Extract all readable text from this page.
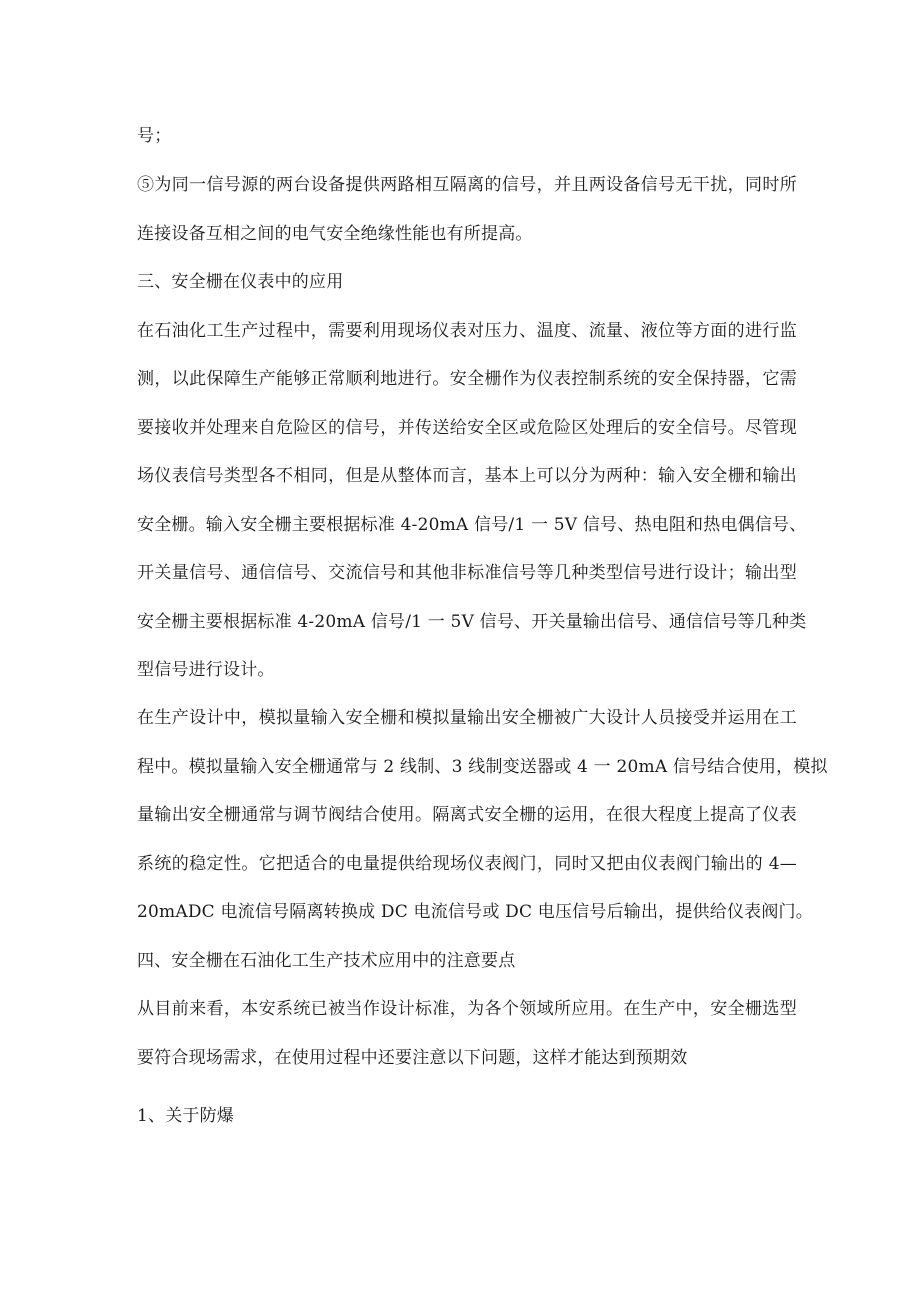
号；
⑤为同一信号源的两台设备提供两路相互隔离的信号，并且两设备信号无干扰，同时所
连接设备互相之间的电气安全绝缘性能也有所提高。
三、安全栅在仪表中的应用
在石油化工生产过程中，需要利用现场仪表对压力、温度、流量、液位等方面的进行监
测，以此保障生产能够正常顺利地进行。安全栅作为仪表控制系统的安全保持器，它需
要接收并处理来自危险区的信号，并传送给安全区或危险区处理后的安全信号。尽管现
场仪表信号类型各不相同，但是从整体而言，基本上可以分为两种：输入安全栅和输出
安全栅。输入安全栅主要根据标准 4-20mA 信号/1 一 5V 信号、热电阻和热电偶信号、
开关量信号、通信信号、交流信号和其他非标准信号等几种类型信号进行设计；输出型
安全栅主要根据标准 4-20mA 信号/1 一 5V 信号、开关量输出信号、通信信号等几种类
型信号进行设计。
在生产设计中，模拟量输入安全栅和模拟量输出安全栅被广大设计人员接受并运用在工
程中。模拟量输入安全栅通常与 2 线制、3 线制变送器或 4 一 20mA 信号结合使用，模拟
量输出安全栅通常与调节阀结合使用。隔离式安全栅的运用，在很大程度上提高了仪表
系统的稳定性。它把适合的电量提供给现场仪表阀门，同时又把由仪表阀门输出的 4—
20mADC 电流信号隔离转换成 DC 电流信号或 DC 电压信号后输出，提供给仪表阀门。
四、安全栅在石油化工生产技术应用中的注意要点
从目前来看，本安系统已被当作设计标准，为各个领域所应用。在生产中，安全栅选型
要符合现场需求，在使用过程中还要注意以下问题，这样才能达到预期效
1、关于防爆
